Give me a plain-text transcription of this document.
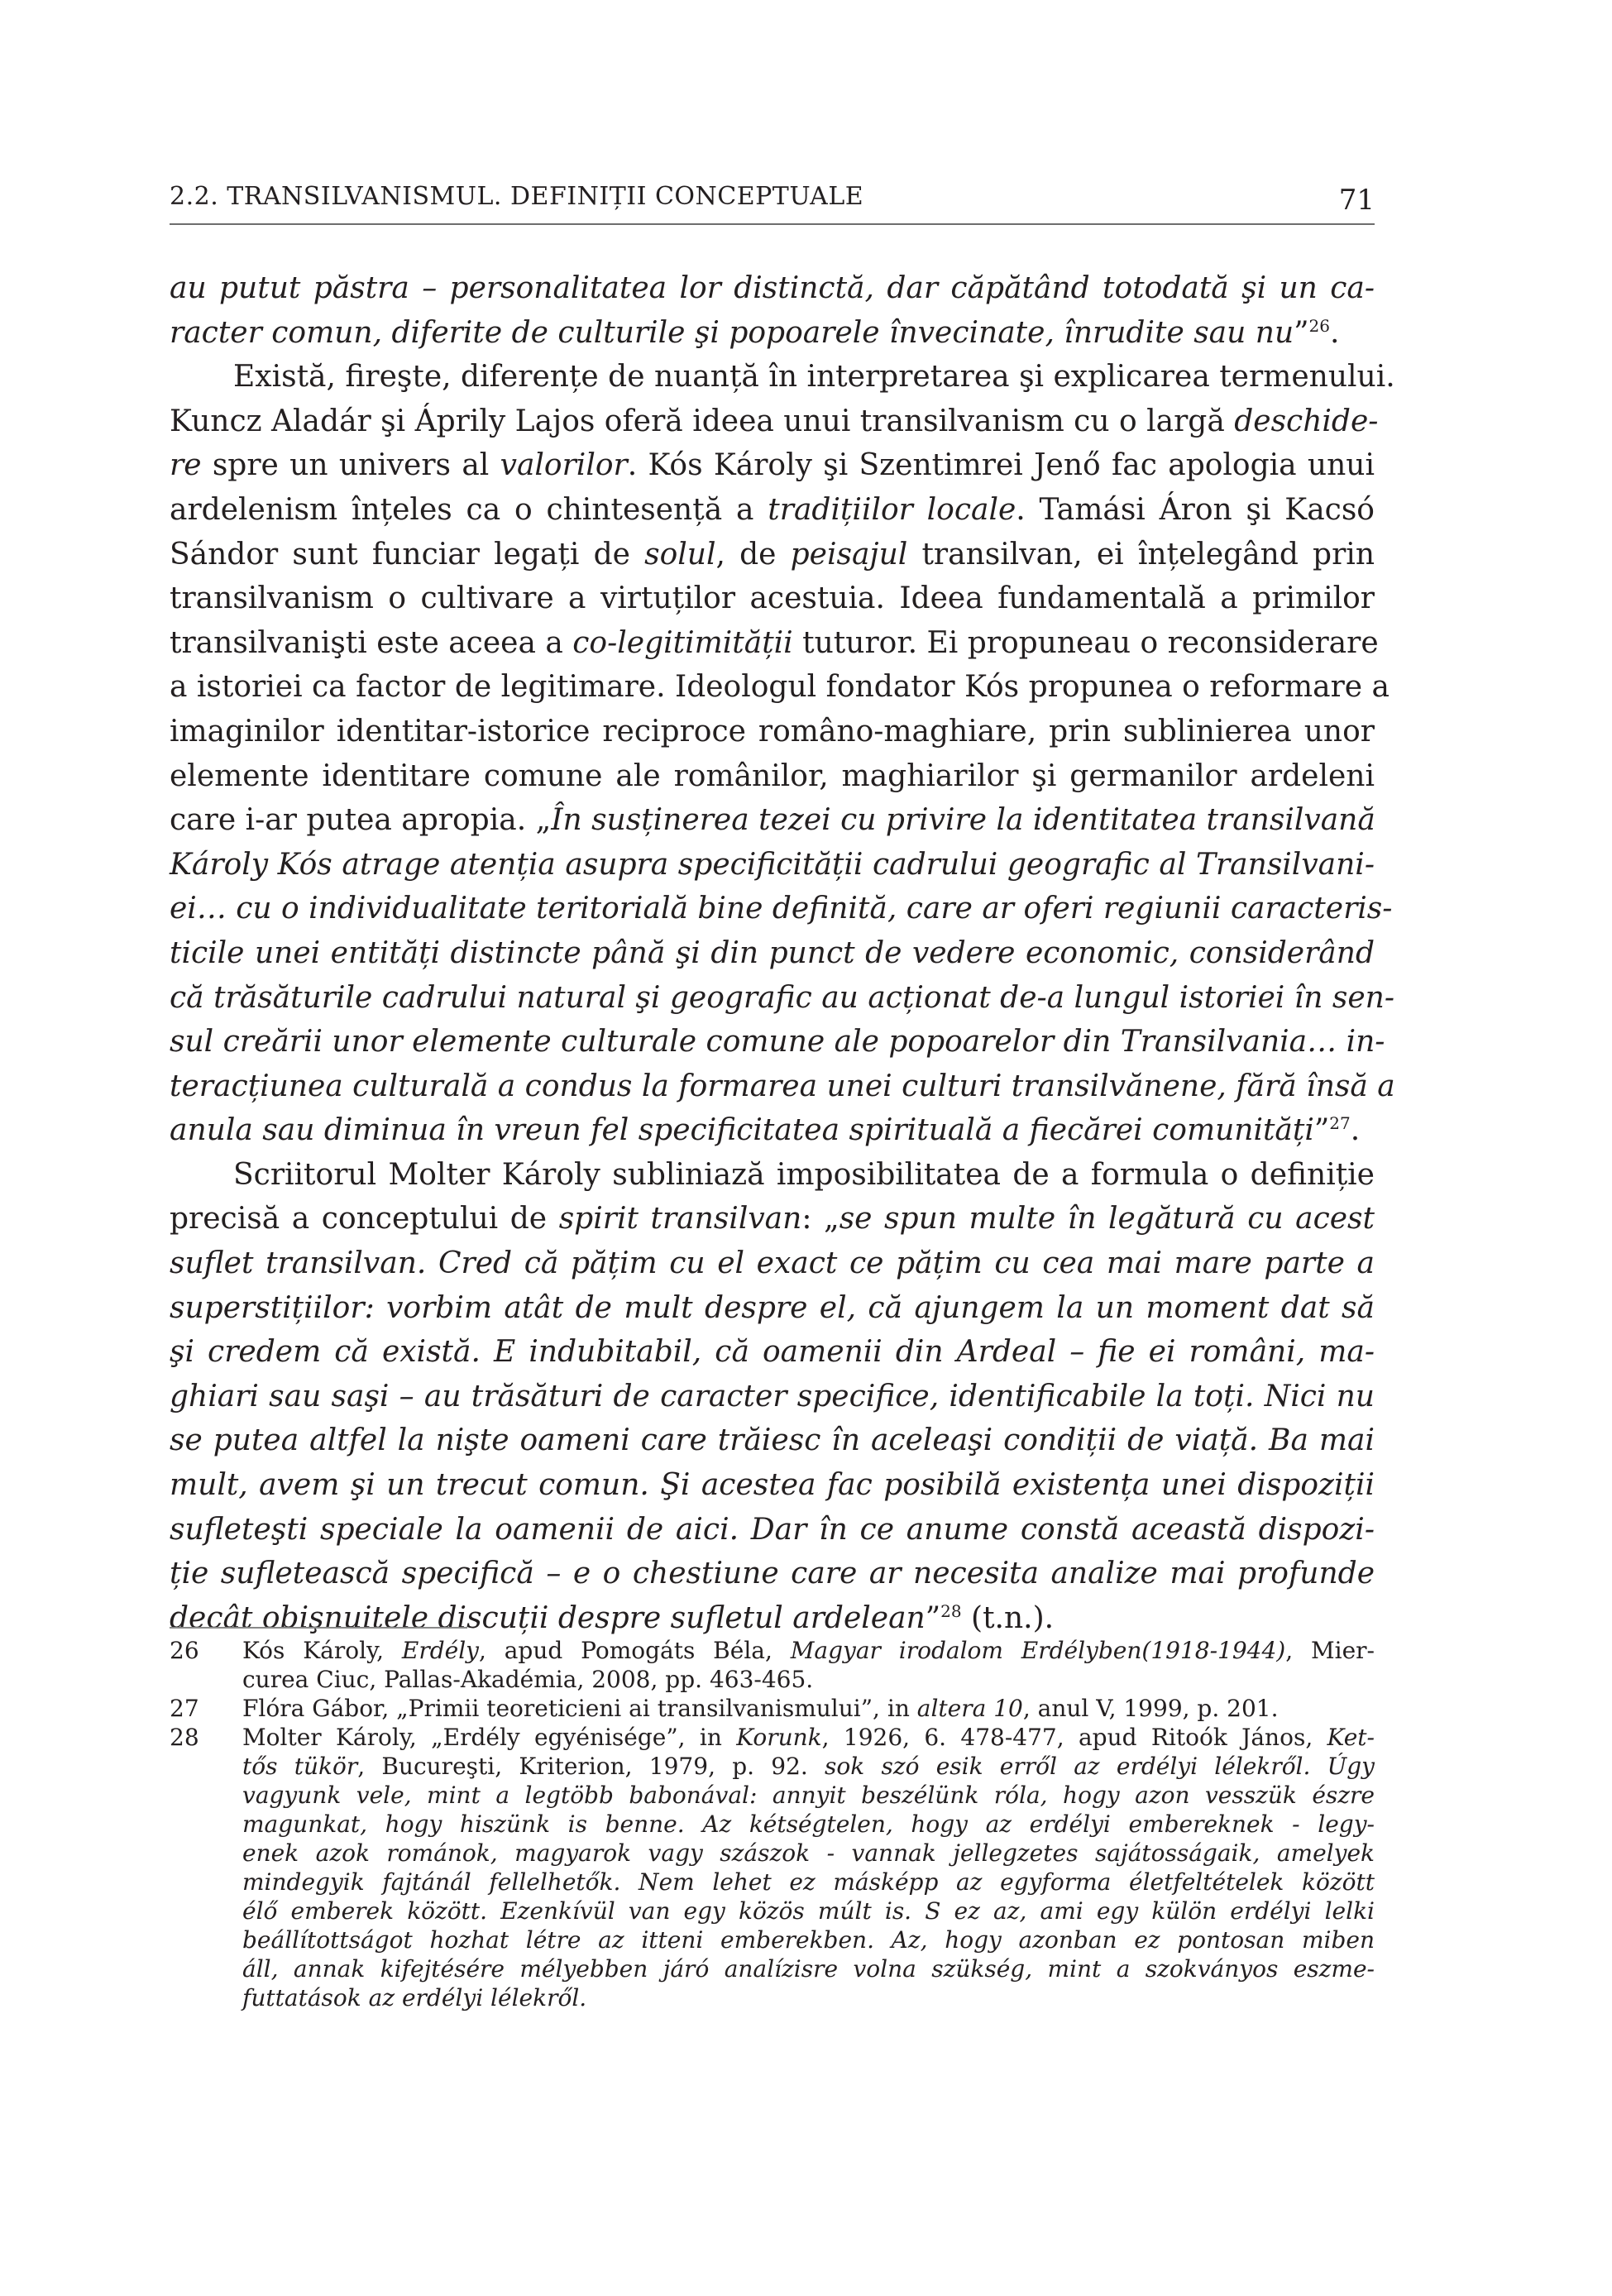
2.2. TRANSILVANISMUL. DEFINIȚII CONCEPTUALE	71
au putut păstra – personalitatea lor distinctă, dar căpătând totodată şi un ca-
racter comun, diferite de culturile şi popoarele învecinate, înrudite sau nu”$^{26}$.
Există, fireşte, diferențe de nuanță în interpretarea şi explicarea termenului.
Kuncz Aladár şi Áprily Lajos oferă ideea unui transilvanism cu o largă deschide-
re spre un univers al valorilor. Kós Károly şi Szentimrei Jenő fac apologia unui
ardelenism înțeles ca o chintesență a tradițiilor locale. Tamási Áron şi Kacsó
Sándor sunt funciar legați de solul, de peisajul transilvan, ei înțelegând prin
transilvanism o cultivare a virtuților acestuia. Ideea fundamentală a primilor
transilvanişti este aceea a co-legitimității tuturor. Ei propuneau o reconsiderare
a istoriei ca factor de legitimare. Ideologul fondator Kós propunea o reformare a
imaginilor identitar-istorice reciproce româno-maghiare, prin sublinierea unor
elemente identitare comune ale românilor, maghiarilor şi germanilor ardeleni
care i-ar putea apropia. „În susținerea tezei cu privire la identitatea transilvană
Károly Kós atrage atenția asupra specificității cadrului geografic al Transilvani-
ei… cu o individualitate teritorială bine definită, care ar oferi regiunii caracteris-
ticile unei entități distincte până şi din punct de vedere economic, considerând
că trăsăturile cadrului natural şi geografic au acționat de-a lungul istoriei în sen-
sul creării unor elemente culturale comune ale popoarelor din Transilvania… in-
teracțiunea culturală a condus la formarea unei culturi transilvănene, fără însă a
anula sau diminua în vreun fel specificitatea spirituală a fiecărei comunități”$^{27}$.
Scriitorul Molter Károly subliniază imposibilitatea de a formula o definiție
precisă a conceptului de spirit transilvan: „se spun multe în legătură cu acest
suflet transilvan. Cred că pățim cu el exact ce pățim cu cea mai mare parte a
superstițiilor: vorbim atât de mult despre el, că ajungem la un moment dat să
şi credem că există. E indubitabil, că oamenii din Ardeal – fie ei români, ma-
ghiari sau saşi – au trăsături de caracter specifice, identificabile la toți. Nici nu
se putea altfel la nişte oameni care trăiesc în aceleaşi condiții de viață. Ba mai
mult, avem şi un trecut comun. Şi acestea fac posibilă existența unei dispoziții
sufleteşti speciale la oamenii de aici. Dar în ce anume constă această dispozi-
ție sufletească specifică – e o chestiune care ar necesita analize mai profunde
decât obişnuitele discuții despre sufletul ardelean”$^{28}$ (t.n.).
26	Kós Károly, Erdély, apud Pomogáts Béla, Magyar irodalom Erdélyben(1918-1944), Mier-
curea Ciuc, Pallas-Akadémia, 2008, pp. 463-465.
27	Flóra Gábor, „Primii teoreticieni ai transilvanismului”, in altera 10, anul V, 1999, p. 201.
28	Molter Károly, „Erdély egyénisége”, in Korunk, 1926, 6. 478-477, apud Ritoók János, Ket-
tős tükör, Bucureşti, Kriterion, 1979, p. 92. sok szó esik erről az erdélyi lélekről. Úgy
vagyunk vele, mint a legtöbb babonával: annyit beszélünk róla, hogy azon vesszük észre
magunkat, hogy hiszünk is benne. Az kétségtelen, hogy az erdélyi embereknek - legy-
enek azok románok, magyarok vagy szászok - vannak jellegzetes sajátosságaik, amelyek
mindegyik fajtánál fellelhetők. Nem lehet ez másképp az egyforma életfeltételek között
élő emberek között. Ezenkívül van egy közös múlt is. S ez az, ami egy külön erdélyi lelki
beállítottságot hozhat létre az itteni emberekben. Az, hogy azonban ez pontosan miben
áll, annak kifejtésére mélyebben járó analízisre volna szükség, mint a szokványos eszme-
futtatások az erdélyi lélekről.
